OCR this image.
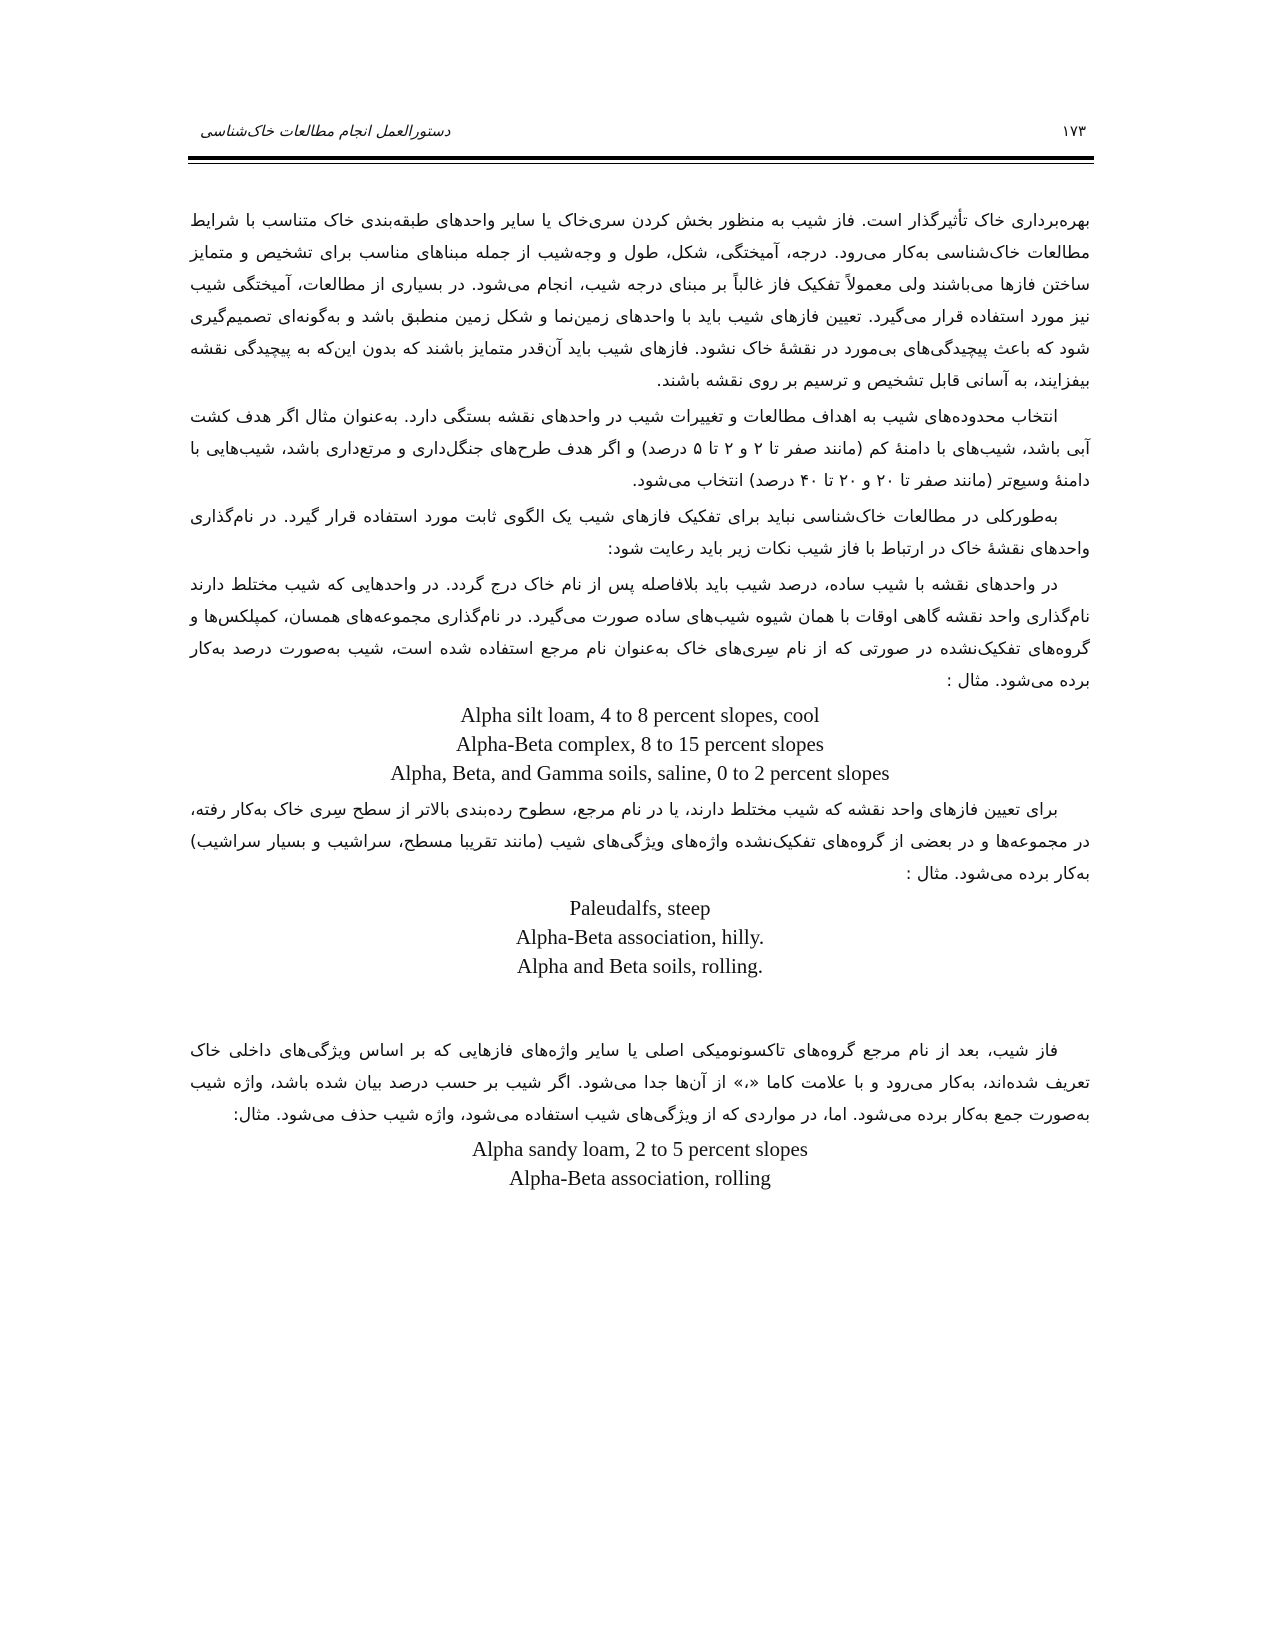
دستورالعمل انجام مطالعات خاک‌شناسی	۱۷۳

بهره‌برداری خاک تأثیرگذار است. فاز شیب به منظور بخش کردن سری‌خاک یا سایر واحدهای طبقه‌بندی خاک متناسب با شرایط مطالعات خاک‌شناسی به‌کار می‌رود. درجه، آمیختگی، شکل، طول و وجه‌شیب از جمله مبناهای مناسب برای تشخیص و متمایز ساختن فازها می‌باشند ولی معمولاً تفکیک فاز غالباً بر مبنای درجه شیب، انجام می‌شود. در بسیاری از مطالعات، آمیختگی شیب نیز مورد استفاده قرار می‌گیرد. تعیین فازهای شیب باید با واحدهای زمین‌نما و شکل زمین منطبق باشد و به‌گونه‌ای تصمیم‌گیری شود که باعث پیچیدگی‌های بی‌مورد در نقشهٔ خاک نشود. فازهای شیب باید آن‌قدر متمایز باشند که بدون این‌که به پیچیدگی نقشه بیفزایند، به آسانی قابل تشخیص و ترسیم بر روی نقشه باشند.

انتخاب محدوده‌های شیب به اهداف مطالعات و تغییرات شیب در واحدهای نقشه بستگی دارد. به‌عنوان مثال اگر هدف کشت آبی باشد، شیب‌های با دامنهٔ کم (مانند صفر تا ۲ و ۲ تا ۵ درصد) و اگر هدف طرح‌های جنگل‌داری و مرتع‌داری باشد، شیب‌هایی با دامنهٔ وسیع‌تر (مانند صفر تا ۲۰ و ۲۰ تا ۴۰ درصد) انتخاب می‌شود.

به‌طورکلی در مطالعات خاک‌شناسی نباید برای تفکیک فازهای شیب یک الگوی ثابت مورد استفاده قرار گیرد. در نام‌گذاری واحدهای نقشهٔ خاک در ارتباط با فاز شیب نکات زیر باید رعایت شود:

در واحدهای نقشه با شیب ساده، درصد شیب باید بلافاصله پس از نام خاک درج گردد. در واحدهایی که شیب مختلط دارند نام‌گذاری واحد نقشه گاهی اوقات با همان شیوه شیب‌های ساده صورت می‌گیرد. در نام‌گذاری مجموعه‌های همسان، کمپلکس‌ها و گروه‌های تفکیک‌نشده در صورتی که از نام سِری‌های خاک به‌عنوان نام مرجع استفاده شده است، شیب به‌صورت درصد به‌کار برده می‌شود. مثال :

Alpha silt loam, 4 to 8 percent slopes, cool
Alpha-Beta complex, 8 to 15 percent slopes
Alpha, Beta, and Gamma soils, saline, 0 to 2 percent slopes

برای تعیین فازهای واحد نقشه که شیب مختلط دارند، یا در نام مرجع، سطوح رده‌بندی بالاتر از سطح سِری خاک به‌کار رفته، در مجموعه‌ها و در بعضی از گروه‌های تفکیک‌نشده واژه‌های ویژگی‌های شیب (مانند تقریبا مسطح، سراشیب و بسیار سراشیب) به‌کار برده می‌شود. مثال :

Paleudalfs, steep
Alpha-Beta association, hilly.
Alpha and Beta soils, rolling.

فاز شیب، بعد از نام مرجع گروه‌های تاکسونومیکی اصلی یا سایر واژه‌های فازهایی که بر اساس ویژگی‌های داخلی خاک تعریف شده‌اند، به‌کار می‌رود و با علامت کاما «،» از آن‌ها جدا می‌شود. اگر شیب بر حسب درصد بیان شده باشد، واژه شیب به‌صورت جمع به‌کار برده می‌شود. اما، در مواردی که از ویژگی‌های شیب استفاده می‌شود، واژه شیب حذف می‌شود. مثال:

Alpha sandy loam, 2 to 5 percent slopes
Alpha-Beta association, rolling
